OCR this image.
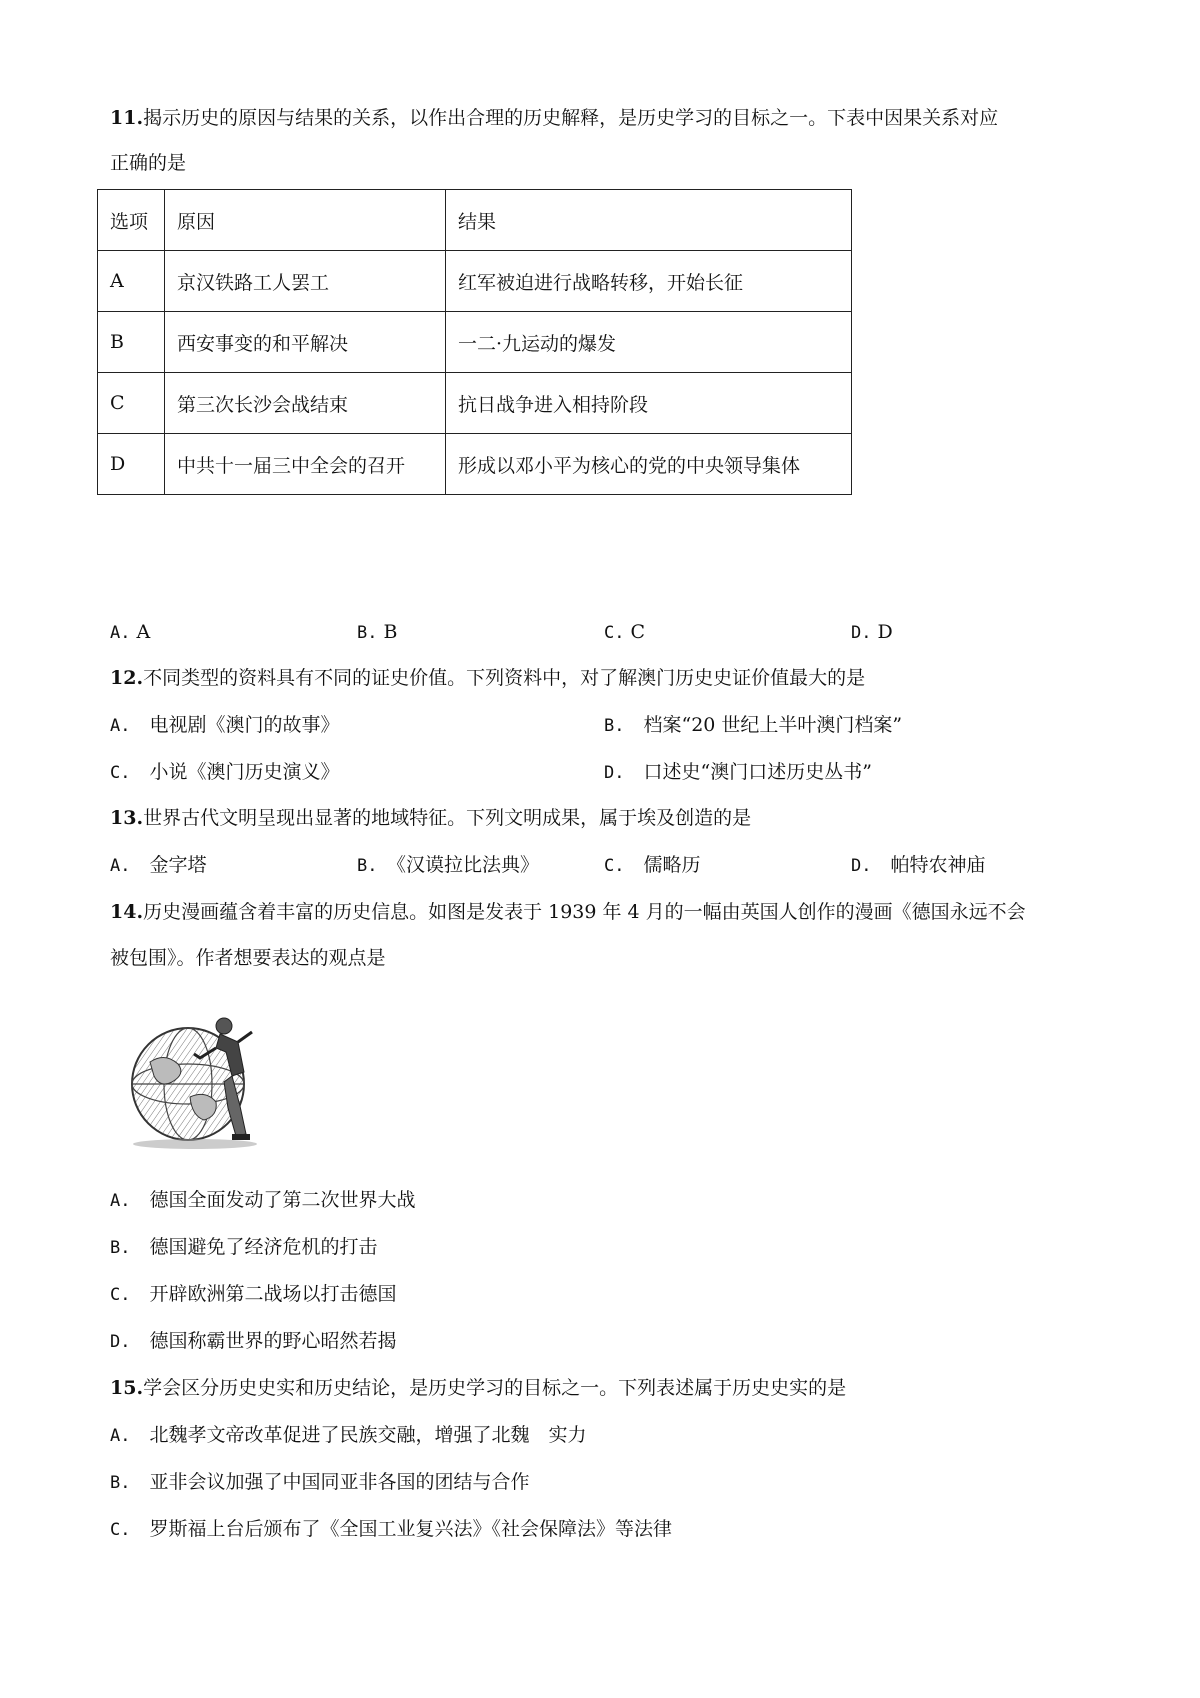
11.揭示历史的原因与结果的关系，以作出合理的历史解释，是历史学习的目标之一。下表中因果关系对应
正确的是
选项	原因	结果
A	京汉铁路工人罢工	红军被迫进行战略转移，开始长征
B	西安事变的和平解决	一二·九运动的爆发
C	第三次长沙会战结束	抗日战争进入相持阶段
D	中共十一届三中全会的召开	形成以邓小平为核心的党的中央领导集体
A. A	B. B	C. C	D. D
12.不同类型的资料具有不同的证史价值。下列资料中，对了解澳门历史史证价值最大的是
A.　 电视剧《澳门的故事》	B.　 档案“20 世纪上半叶澳门档案”
C.　 小说《澳门历史演义》	D.　 口述史“澳门口述历史丛书”
13.世界古代文明呈现出显著的地域特征。下列文明成果，属于埃及创造的是
A.　 金字塔	B.　 《汉谟拉比法典》	C.　 儒略历	D.　 帕特农神庙
14.历史漫画蕴含着丰富的历史信息。如图是发表于 1939 年 4 月的一幅由英国人创作的漫画《德国永远不会
被包围》。作者想要表达的观点是
A.　 德国全面发动了第二次世界大战
B.　 德国避免了经济危机的打击
C.　 开辟欧洲第二战场以打击德国
D.　 德国称霸世界的野心昭然若揭
15.学会区分历史史实和历史结论，是历史学习的目标之一。下列表述属于历史史实的是
A.　 北魏孝文帝改革促进了民族交融，增强了北魏　实力
B.　 亚非会议加强了中国同亚非各国的团结与合作
C.　 罗斯福上台后颁布了《全国工业复兴法》《社会保障法》等法律
